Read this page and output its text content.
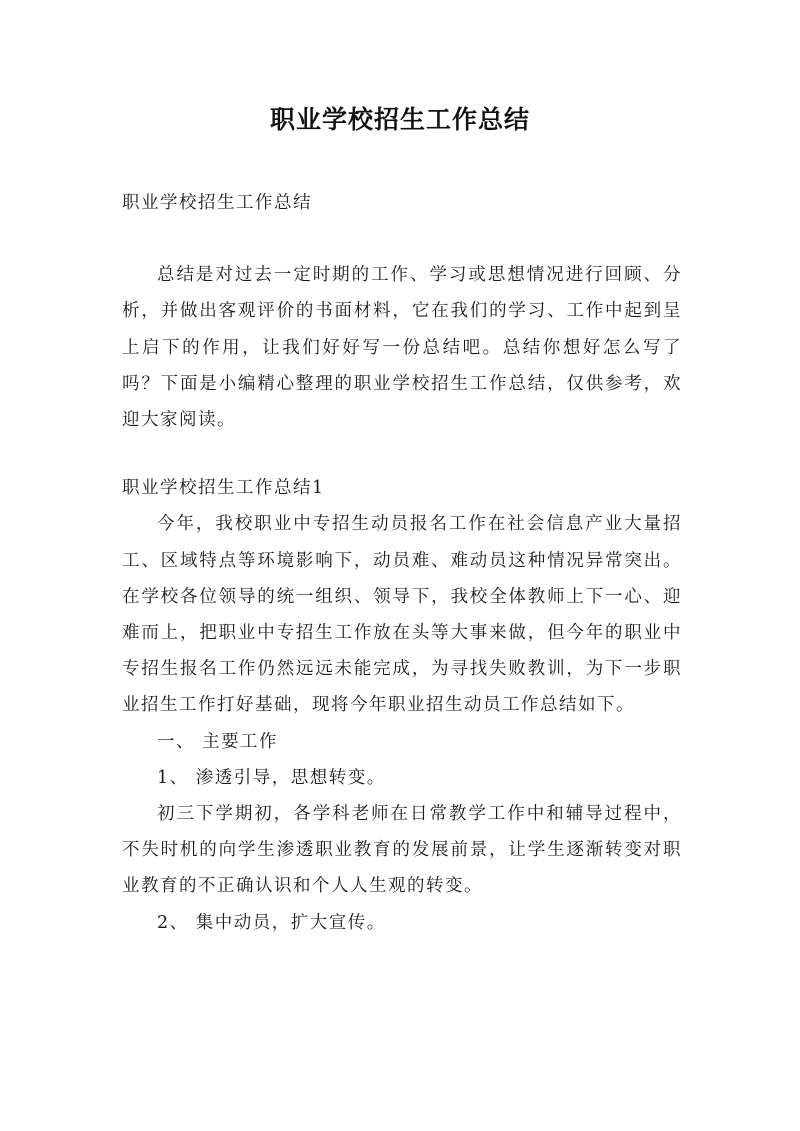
职业学校招生工作总结

职业学校招生工作总结

总结是对过去一定时期的工作、学习或思想情况进行回顾、分析，并做出客观评价的书面材料，它在我们的学习、工作中起到呈上启下的作用，让我们好好写一份总结吧。总结你想好怎么写了吗？下面是小编精心整理的职业学校招生工作总结，仅供参考，欢迎大家阅读。

职业学校招生工作总结1

今年，我校职业中专招生动员报名工作在社会信息产业大量招工、区域特点等环境影响下，动员难、难动员这种情况异常突出。在学校各位领导的统一组织、领导下，我校全体教师上下一心、迎难而上，把职业中专招生工作放在头等大事来做，但今年的职业中专招生报名工作仍然远远未能完成，为寻找失败教训，为下一步职业招生工作打好基础，现将今年职业招生动员工作总结如下。

一、 主要工作

1、 渗透引导，思想转变。

初三下学期初，各学科老师在日常教学工作中和辅导过程中，不失时机的向学生渗透职业教育的发展前景，让学生逐渐转变对职业教育的不正确认识和个人人生观的转变。

2、 集中动员，扩大宣传。
